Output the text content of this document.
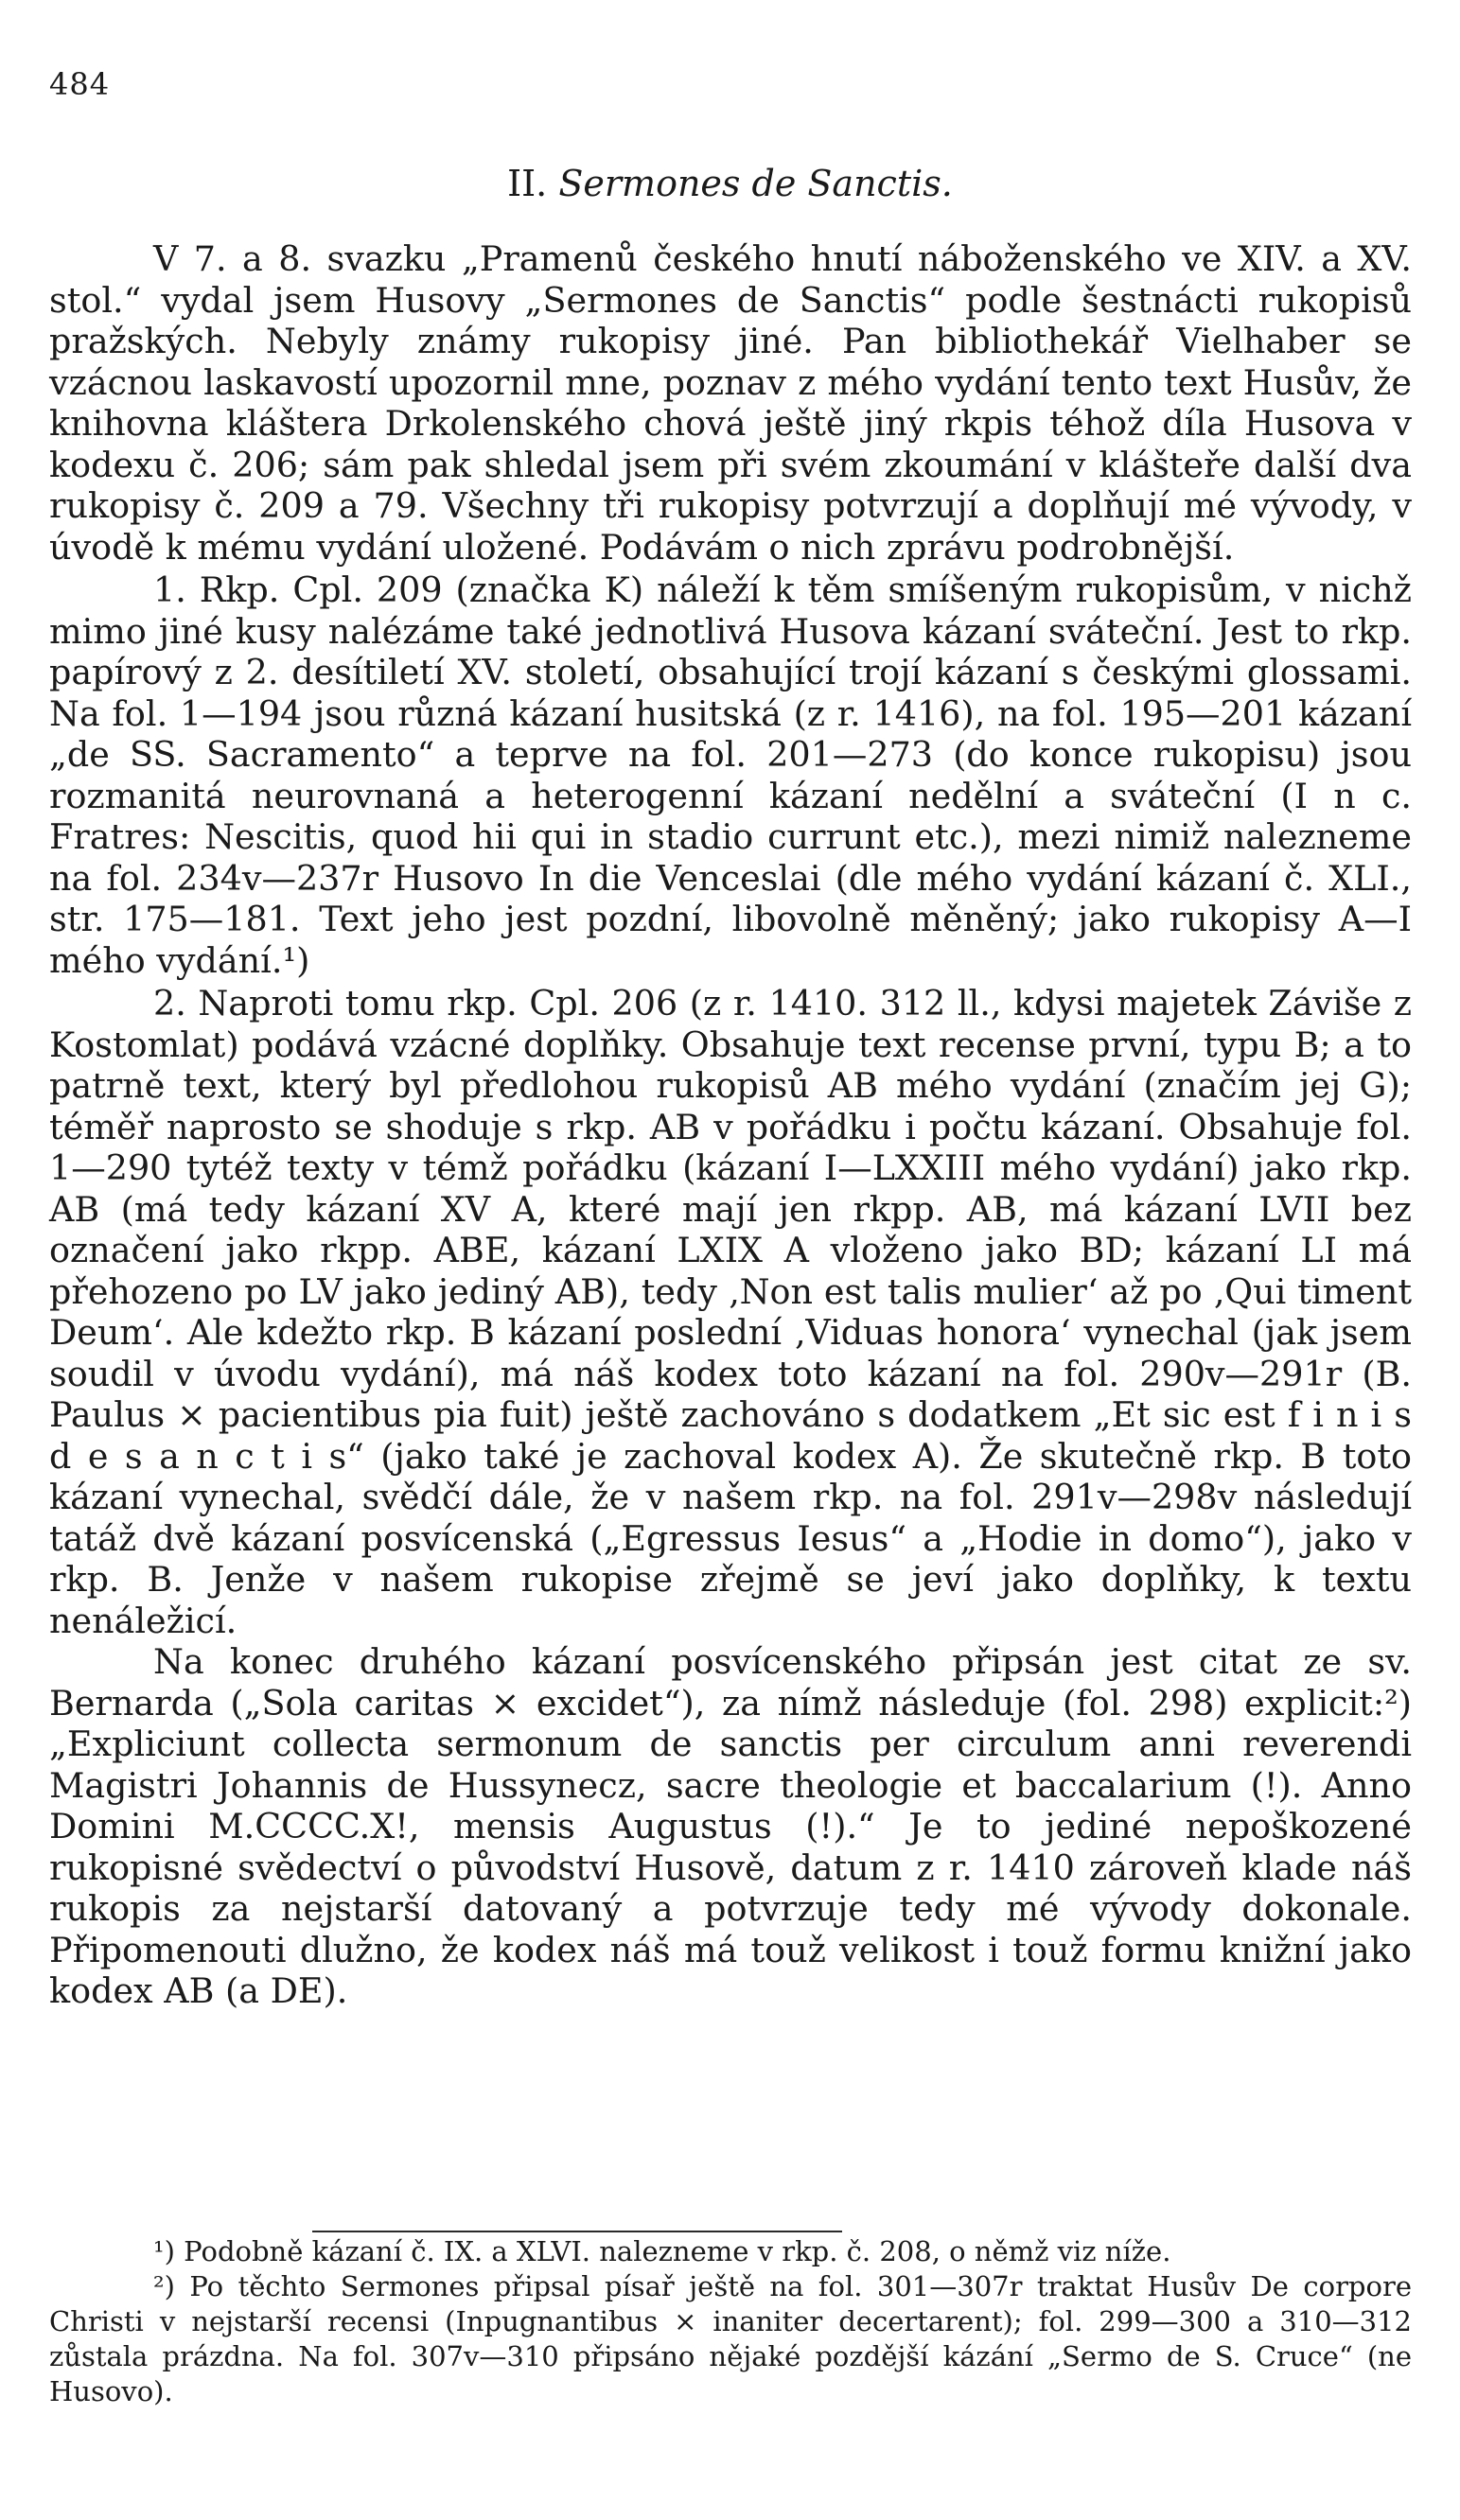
484
II. Sermones de Sanctis.

V 7. a 8. svazku „Pramenů českého hnutí náboženského ve XIV. a XV. stol.“ vydal jsem Husovy „Sermones de Sanctis“ podle šestnácti rukopisů pražských. Nebyly známy rukopisy jiné. Pan bibliothekář Vielhaber se vzácnou laskavostí upozornil mne, poznav z mého vydání tento text Husův, že knihovna kláštera Drkolenského chová ještě jiný rkpis téhož díla Husova v kodexu č. 206; sám pak shledal jsem při svém zkoumání v klášteře další dva rukopisy č. 209 a 79. Všechny tři rukopisy potvrzují a doplňují mé vývody, v úvodě k mému vydání uložené. Podávám o nich zprávu podrobnější.

1. Rkp. Cpl. 209 (značka K) náleží k těm smíšeným rukopisům, v nichž mimo jiné kusy nalézáme také jednotlivá Husova kázaní sváteční. Jest to rkp. papírový z 2. desítiletí XV. století, obsahující trojí kázaní s českými glossami. Na fol. 1—194 jsou různá kázaní husitská (z r. 1416), na fol. 195—201 kázaní „de SS. Sacramento“ a teprve na fol. 201—273 (do konce rukopisu) jsou rozmanitá neurovnaná a heterogenní kázaní nedělní a sváteční (I n c. Fratres: Nescitis, quod hii qui in stadio currunt etc.), mezi nimiž nalezneme na fol. 234v—237r Husovo In die Venceslai (dle mého vydání kázaní č. XLI., str. 175—181. Text jeho jest pozdní, libovolně měněný; jako rukopisy A—I mého vydání.¹)

2. Naproti tomu rkp. Cpl. 206 (z r. 1410. 312 ll., kdysi majetek Záviše z Kostomlat) podává vzácné doplňky. Obsahuje text recense první, typu B; a to patrně text, který byl předlohou rukopisů AB mého vydání (značím jej G); téměř naprosto se shoduje s rkp. AB v pořádku i počtu kázaní. Obsahuje fol. 1—290 tytéž texty v témž pořádku (kázaní I—LXXIII mého vydání) jako rkp. AB (má tedy kázaní XV A, které mají jen rkpp. AB, má kázaní LVII bez označení jako rkpp. ABE, kázaní LXIX A vloženo jako BD; kázaní LI má přehozeno po LV jako jediný AB), tedy ‚Non est talis mulier‘ až po ‚Qui timent Deum‘. Ale kdežto rkp. B kázaní poslední ‚Viduas honora‘ vynechal (jak jsem soudil v úvodu vydání), má náš kodex toto kázaní na fol. 290v—291r (B. Paulus × pacientibus pia fuit) ještě zachováno s dodatkem „Et sic est f i n i s d e s a n c t i s“ (jako také je zachoval kodex A). Že skutečně rkp. B toto kázaní vynechal, svědčí dále, že v našem rkp. na fol. 291v—298v následují tatáž dvě kázaní posvícenská („Egressus Iesus“ a „Hodie in domo“), jako v rkp. B. Jenže v našem rukopise zřejmě se jeví jako doplňky, k textu nenáležicí.

Na konec druhého kázaní posvícenského připsán jest citat ze sv. Bernarda („Sola caritas × excidet“), za nímž následuje (fol. 298) explicit:²) „Expliciunt collecta sermonum de sanctis per circulum anni reverendi Magistri Johannis de Hussynecz, sacre theologie et baccalarium (!). Anno Domini M.CCCC.X!, mensis Augustus (!).“ Je to jediné nepoškozené rukopisné svědectví o původství Husově, datum z r. 1410 zároveň klade náš rukopis za nejstarší datovaný a potvrzuje tedy mé vývody dokonale. Připomenouti dlužno, že kodex náš má touž velikost i touž formu knižní jako kodex AB (a DE).

¹) Podobně kázaní č. IX. a XLVI. nalezneme v rkp. č. 208, o němž viz níže.

²) Po těchto Sermones připsal písař ještě na fol. 301—307r traktat Husův De corpore Christi v nejstarší recensi (Inpugnantibus × inaniter decertarent); fol. 299—300 a 310—312 zůstala prázdna. Na fol. 307v—310 připsáno nějaké pozdější kázání „Sermo de S. Cruce“ (ne Husovo).
